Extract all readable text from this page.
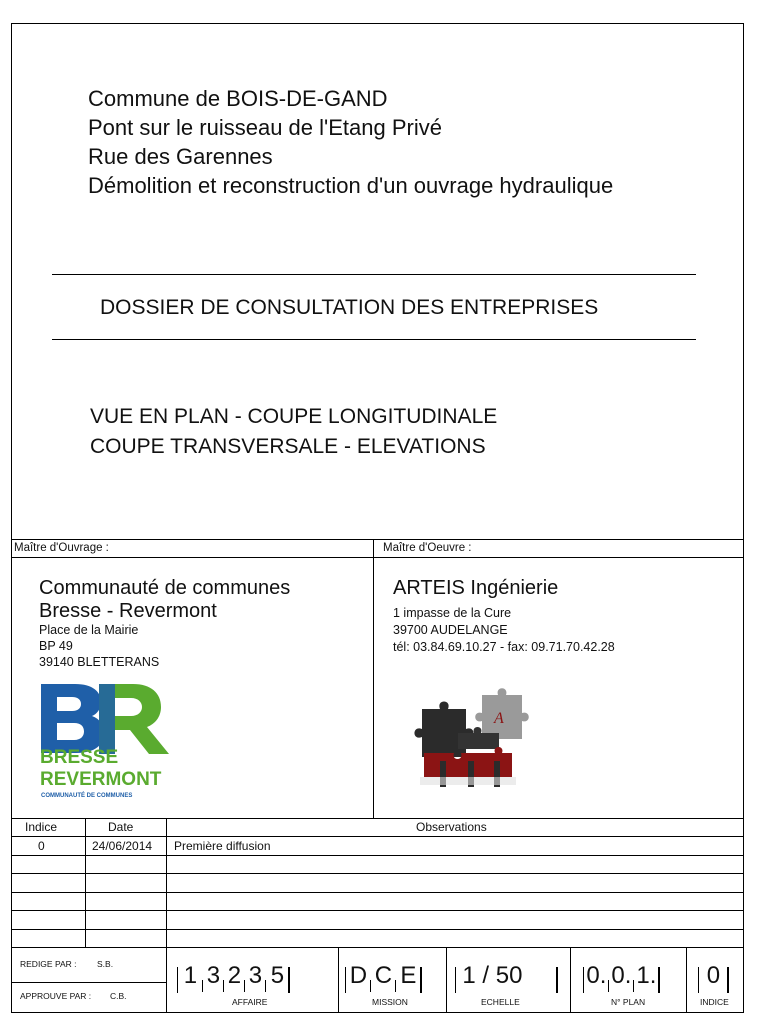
Commune de BOIS-DE-GAND
Pont sur le ruisseau de l'Etang Privé
Rue des Garennes
Démolition et reconstruction d'un ouvrage hydraulique
DOSSIER DE CONSULTATION DES ENTREPRISES
VUE EN PLAN - COUPE LONGITUDINALE
COUPE TRANSVERSALE - ELEVATIONS
Maître d'Ouvrage :	Maître d'Oeuvre :
Communauté de communes
Bresse - Revermont
Place de la Mairie
BP 49
39140 BLETTERANS
BRESSE
REVERMONT
COMMUNAUTÉ DE COMMUNES
ARTEIS Ingénierie
1 impasse de la Cure
39700 AUDELANGE
tél: 03.84.69.10.27 - fax: 09.71.70.42.28
A
Indice	Date	Observations
0	24/06/2014 Première diffusion
REDIGE PAR : S.B.
APPROUVE PAR : C.B.
1 3 2 3 5
AFFAIRE
D C E
MISSION
1 / 50
ECHELLE
0. 0. 1.
N° PLAN
0
INDICE
